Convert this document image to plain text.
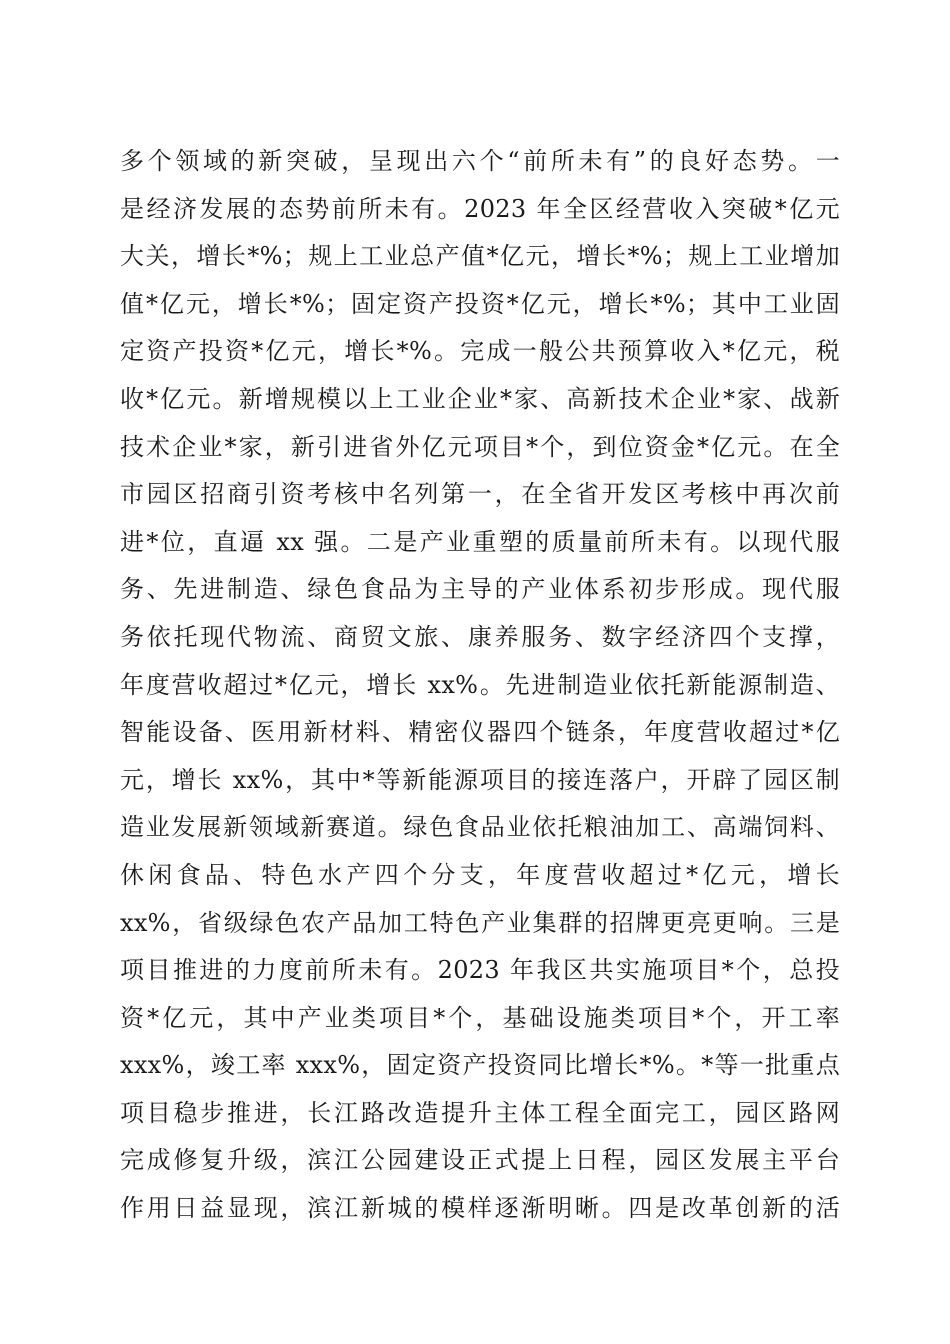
多个领域的新突破，呈现出六个“前所未有”的良好态势。一
是经济发展的态势前所未有。2023 年全区经营收入突破*亿元
大关，增长*%；规上工业总产值*亿元，增长*%；规上工业增加
值*亿元，增长*%；固定资产投资*亿元，增长*%；其中工业固
定资产投资*亿元，增长*%。完成一般公共预算收入*亿元，税
收*亿元。新增规模以上工业企业*家、高新技术企业*家、战新
技术企业*家，新引进省外亿元项目*个，到位资金*亿元。在全
市园区招商引资考核中名列第一，在全省开发区考核中再次前
进*位，直逼 xx 强。二是产业重塑的质量前所未有。以现代服
务、先进制造、绿色食品为主导的产业体系初步形成。现代服
务依托现代物流、商贸文旅、康养服务、数字经济四个支撑，
年度营收超过*亿元，增长 xx%。先进制造业依托新能源制造、
智能设备、医用新材料、精密仪器四个链条，年度营收超过*亿
元，增长 xx%，其中*等新能源项目的接连落户，开辟了园区制
造业发展新领域新赛道。绿色食品业依托粮油加工、高端饲料、
休闲食品、特色水产四个分支，年度营收超过*亿元，增长
xx%，省级绿色农产品加工特色产业集群的招牌更亮更响。三是
项目推进的力度前所未有。2023 年我区共实施项目*个，总投
资*亿元，其中产业类项目*个，基础设施类项目*个，开工率
xxx%，竣工率 xxx%，固定资产投资同比增长*%。*等一批重点
项目稳步推进，长江路改造提升主体工程全面完工，园区路网
完成修复升级，滨江公园建设正式提上日程，园区发展主平台
作用日益显现，滨江新城的模样逐渐明晰。四是改革创新的活
